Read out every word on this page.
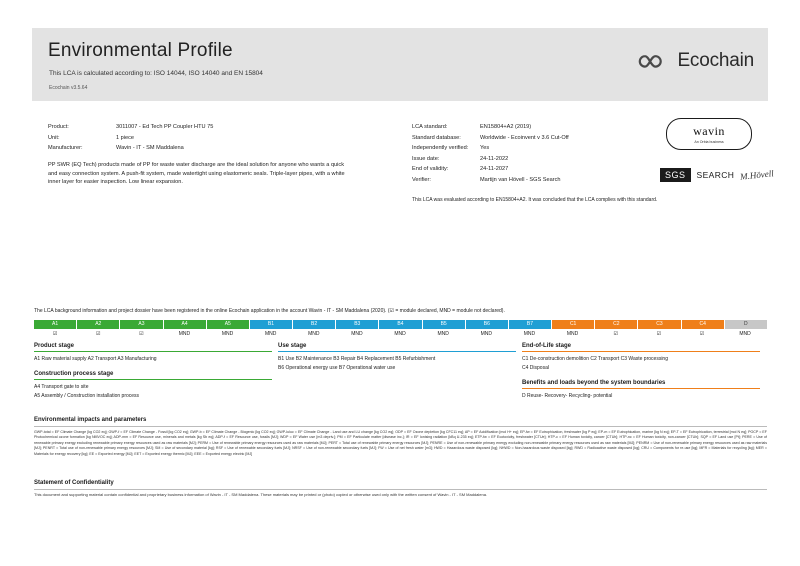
Environmental Profile
This LCA is calculated according to: ISO 14044, ISO 14040 and EN 15804
Ecochain v3.5.64
Ecochain
Product:	3011007 - Ed Tech PP Coupler HTU 75
Unit:	1 piece
Manufacturer:	Wavin - IT - SM Maddalena
PP SWR (EQ Tech) products made of PP for waste water discharge are the ideal solution for anyone who wants a quick and easy connection system. A push-fit system, made watertight using elastomeric seals. Triple-layer pipes, with a white inner layer for easier inspection. Low linear expansion.
LCA standard:	EN15804+A2 (2019)
Standard database:	Worldwide - Ecoinvent v 3.6 Cut-Off
Independently verified:	Yes
Issue date:	24-11-2022
End of validity:	24-11-2027
Verifier:	Martijn van Hövell - SGS Search
This LCA was evaluated according to EN15804+A2. It was concluded that the LCA complies with this standard.
wavin
An Orbia business
SGS	SEARCH M.Hövell
The LCA background information and project dossier have been registered in the online Ecochain application in the account Wavin - IT - SM Maddalena (2020). (☑ = module declared, MND = module not declared).
A1	A2	A3	A4	A5	B1	B2	B3	B4	B5	B6	B7	C1	C2	C3	C4	D
☑	☑	☑	MND	MND	MND	MND	MND	MND	MND	MND	MND	MND	☑	☑	☑	MND
Product stage
A1 Raw material supply A2 Transport A3 Manufacturing
Construction process stage
A4 Transport gate to site
A5 Assembly / Construction installation process
Use stage
B1 Use B2 Maintenance B3 Repair B4 Replacement B5 Refurbishment
B6 Operational energy use B7 Operational water use
End-of-Life stage
C1 De-construction demolition C2 Transport C3 Waste processing
C4 Disposal
Benefits and loads beyond the system boundaries
D Reuse- Recovery- Recycling- potential
Environmental impacts and parameters
GWP-total = EF Climate Change [kg CO2 eq]; GWP-f = EF Climate Change - Fossil [kg CO2 eq]; GWP-b = EF Climate Change - Biogenic [kg CO2 eq]; GWP-luluc = EF Climate Change - Land use and LU change [kg CO2 eq]; ODP = EF Ozone depletion [kg CFC11 eq]; AP = EF Acidification [mol H+ eq]; EP-fw = EF Eutrophication, freshwater [kg P eq]; EP-m = EF Eutrophication, marine [kg N eq]; EP-T = EF Eutrophication, terrestrial [mol N eq]; POCP = EF Photochemical ozone formation [kg NMVOC eq]; ADP-mm = EF Resource use, minerals and metals [kg Sb eq]; ADP-f = EF Resource use, fossils [MJ]; WDP = EF Water use [m3 depriv.]; PM = EF Particulate matter [disease inc.]; IR = EF Ionising radiation [kBq U-235 eq]; ETP-fw = EF Ecotoxicity, freshwater [CTUe]; HTP-c = EF Human toxicity, cancer [CTUh]; HTP-nc = EF Human toxicity, non-cancer [CTUh]; SQP = EF Land use [Pt]; PERE = Use of renewable primary energy excluding renewable primary energy resources used as raw materials [MJ]; PERM = Use of renewable primary energy resources used as raw materials [MJ]; PERT = Total use of renewable primary energy resources [MJ]; PENRE = Use of non-renewable primary energy excluding non-renewable primary energy resources used as raw materials [MJ]; PENRM = Use of non-renewable primary energy resources used as raw materials [MJ]; PENRT = Total use of non-renewable primary energy resources [MJ]; SM = Use of secondary material [kg]; RSF = Use of renewable secondary fuels [MJ]; NRSF = Use of non-renewable secondary fuels [MJ]; FW = Use of net fresh water [m3]; HWD = Hazardous waste disposed [kg]; NHWD = Non-hazardous waste disposed [kg]; RWD = Radioactive waste disposed [kg]; CRU = Components for re-use [kg]; MFR = Materials for recycling [kg]; MER = Materials for energy recovery [kg]; EE = Exported energy [MJ]; EET = Exported energy thermic [MJ]; EEE = Exported energy electric [MJ]
Statement of Confidentiality
This document and supporting material contain confidential and proprietary business information of Wavin - IT - SM Maddalena. These materials may be printed or (photo) copied or otherwise used only with the written consent of Wavin - IT - SM Maddalena.
